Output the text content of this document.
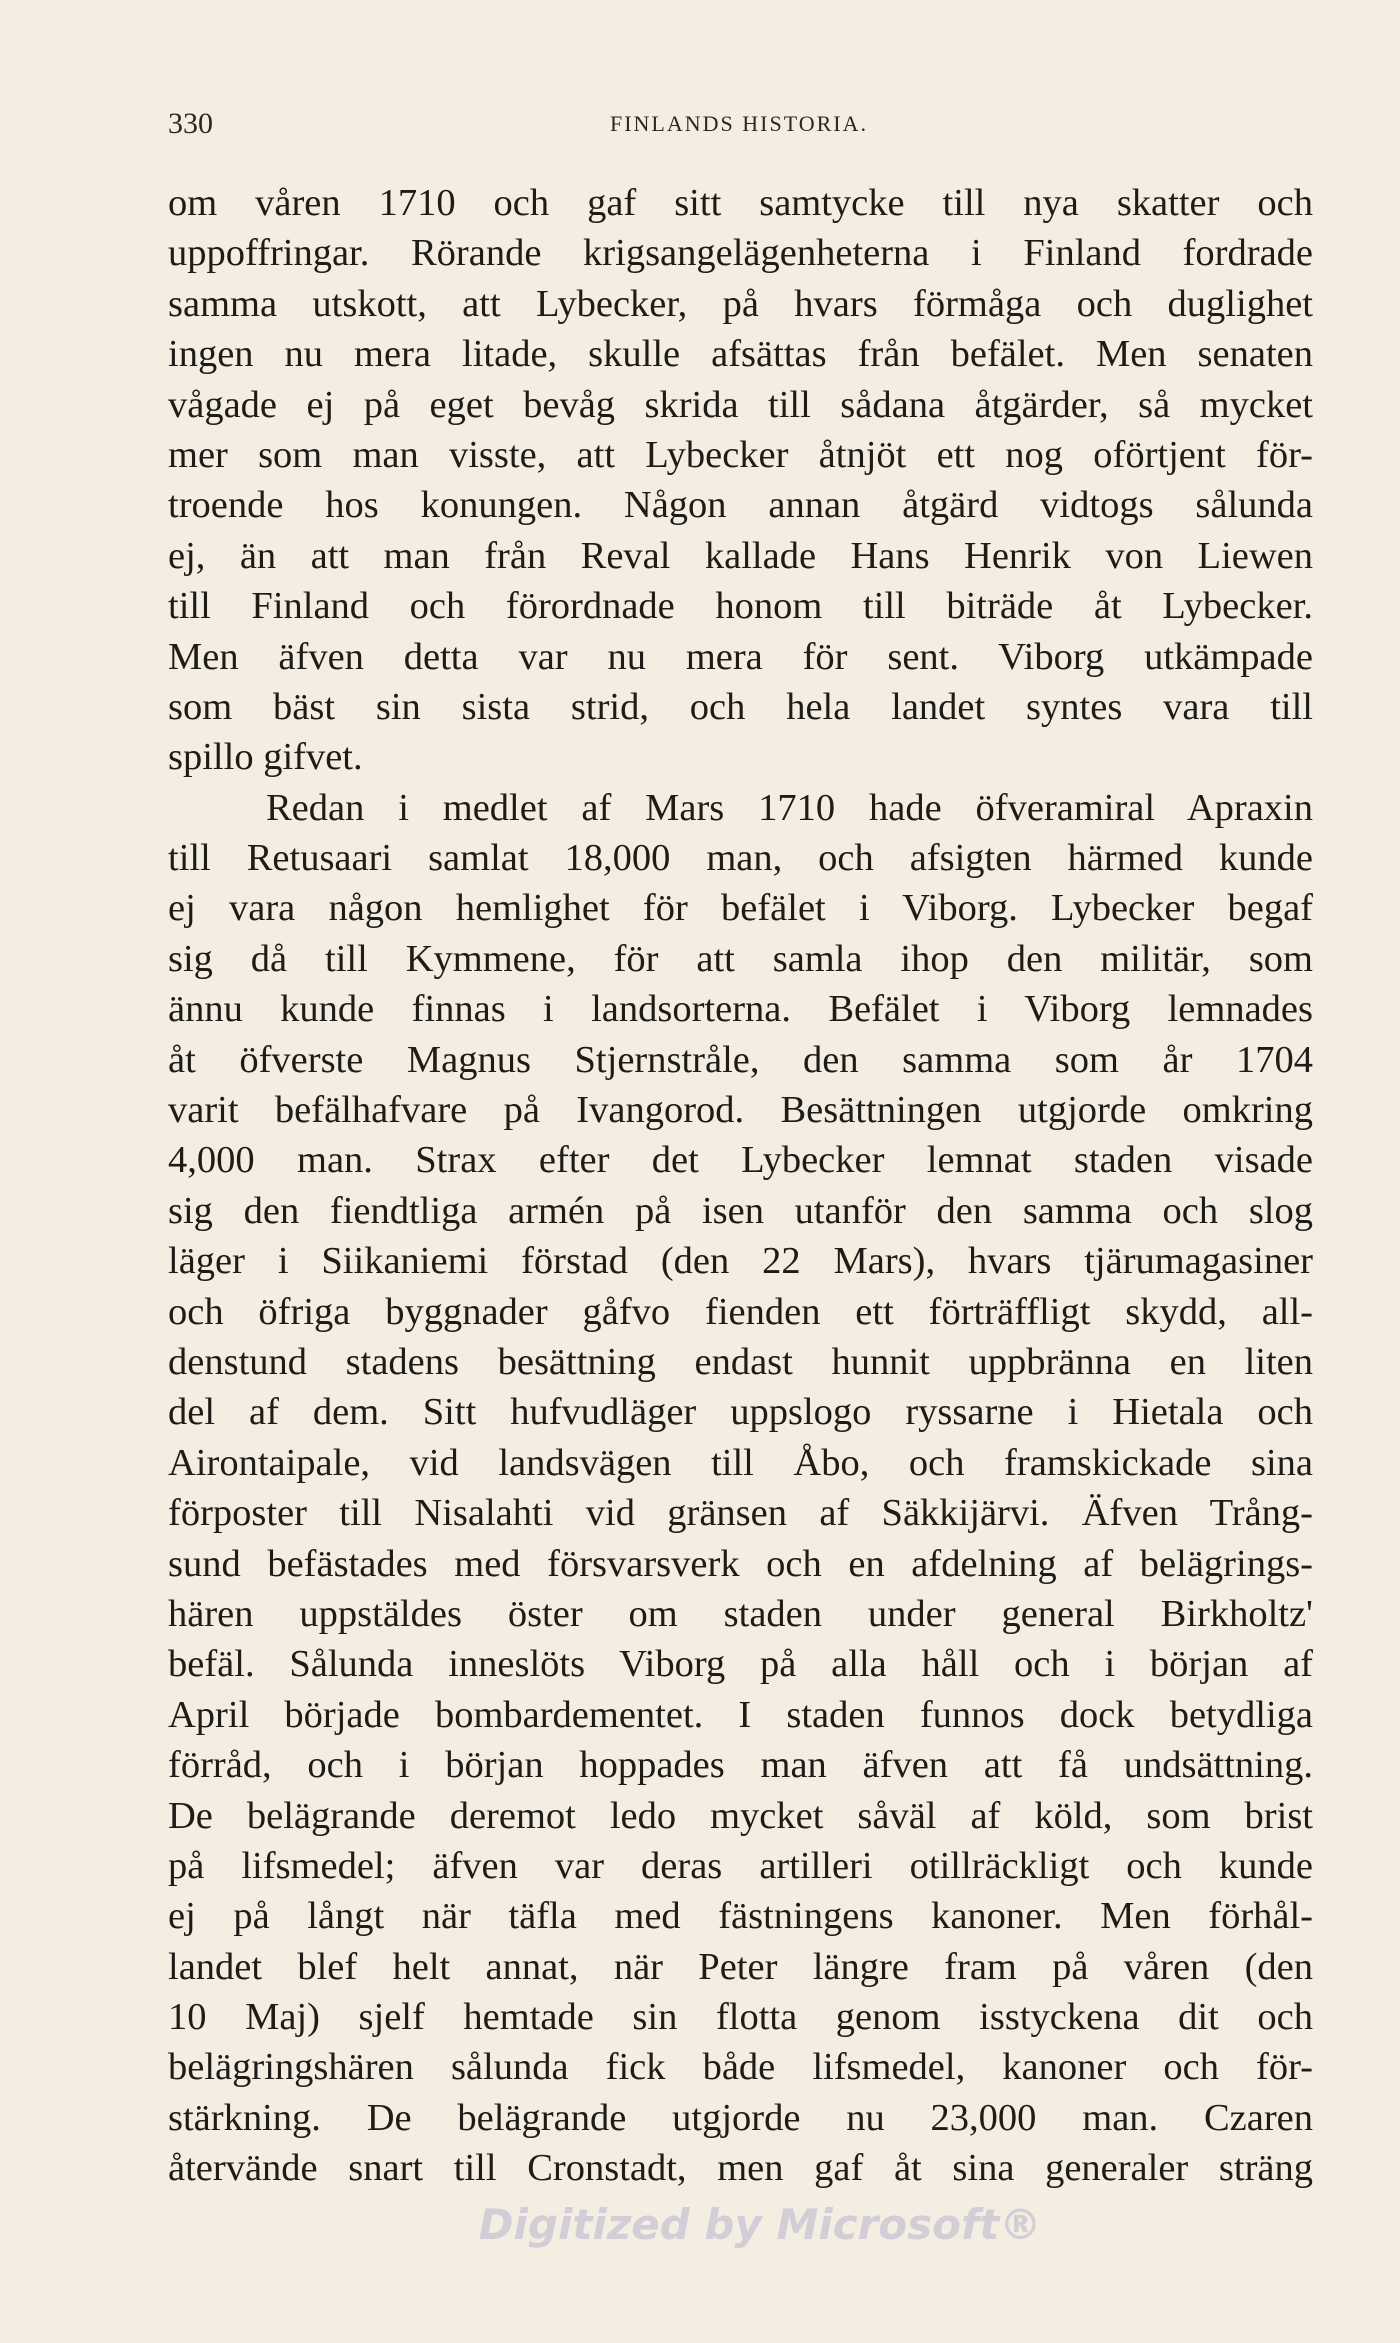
330	FINLANDS HISTORIA.
om våren 1710 och gaf sitt samtycke till nya skatter och
uppoffringar. Rörande krigsangelägenheterna i Finland fordrade
samma utskott, att Lybecker, på hvars förmåga och duglighet
ingen nu mera litade, skulle afsättas från befälet. Men senaten
vågade ej på eget bevåg skrida till sådana åtgärder, så mycket
mer som man visste, att Lybecker åtnjöt ett nog oförtjent för-
troende hos konungen. Någon annan åtgärd vidtogs sålunda
ej, än att man från Reval kallade Hans Henrik von Liewen
till Finland och förordnade honom till biträde åt Lybecker.
Men äfven detta var nu mera för sent. Viborg utkämpade
som bäst sin sista strid, och hela landet syntes vara till
spillo gifvet.
Redan i medlet af Mars 1710 hade öfveramiral Apraxin
till Retusaari samlat 18,000 man, och afsigten härmed kunde
ej vara någon hemlighet för befälet i Viborg. Lybecker begaf
sig då till Kymmene, för att samla ihop den militär, som
ännu kunde finnas i landsorterna. Befälet i Viborg lemnades
åt öfverste Magnus Stjernstråle, den samma som år 1704
varit befälhafvare på Ivangorod. Besättningen utgjorde omkring
4,000 man. Strax efter det Lybecker lemnat staden visade
sig den fiendtliga armén på isen utanför den samma och slog
läger i Siikaniemi förstad (den 22 Mars), hvars tjärumagasiner
och öfriga byggnader gåfvo fienden ett förträffligt skydd, all-
denstund stadens besättning endast hunnit uppbränna en liten
del af dem. Sitt hufvudläger uppslogo ryssarne i Hietala och
Airontaipale, vid landsvägen till Åbo, och framskickade sina
förposter till Nisalahti vid gränsen af Säkkijärvi. Äfven Trång-
sund befästades med försvarsverk och en afdelning af belägrings-
hären uppstäldes öster om staden under general Birkholtz'
befäl. Sålunda inneslöts Viborg på alla håll och i början af
April började bombardementet. I staden funnos dock betydliga
förråd, och i början hoppades man äfven att få undsättning.
De belägrande deremot ledo mycket såväl af köld, som brist
på lifsmedel; äfven var deras artilleri otillräckligt och kunde
ej på långt när täfla med fästningens kanoner. Men förhål-
landet blef helt annat, när Peter längre fram på våren (den
10 Maj) sjelf hemtade sin flotta genom isstyckena dit och
belägringshären sålunda fick både lifsmedel, kanoner och för-
stärkning. De belägrande utgjorde nu 23,000 man. Czaren
återvände snart till Cronstadt, men gaf åt sina generaler sträng
Digitized by Microsoft®
